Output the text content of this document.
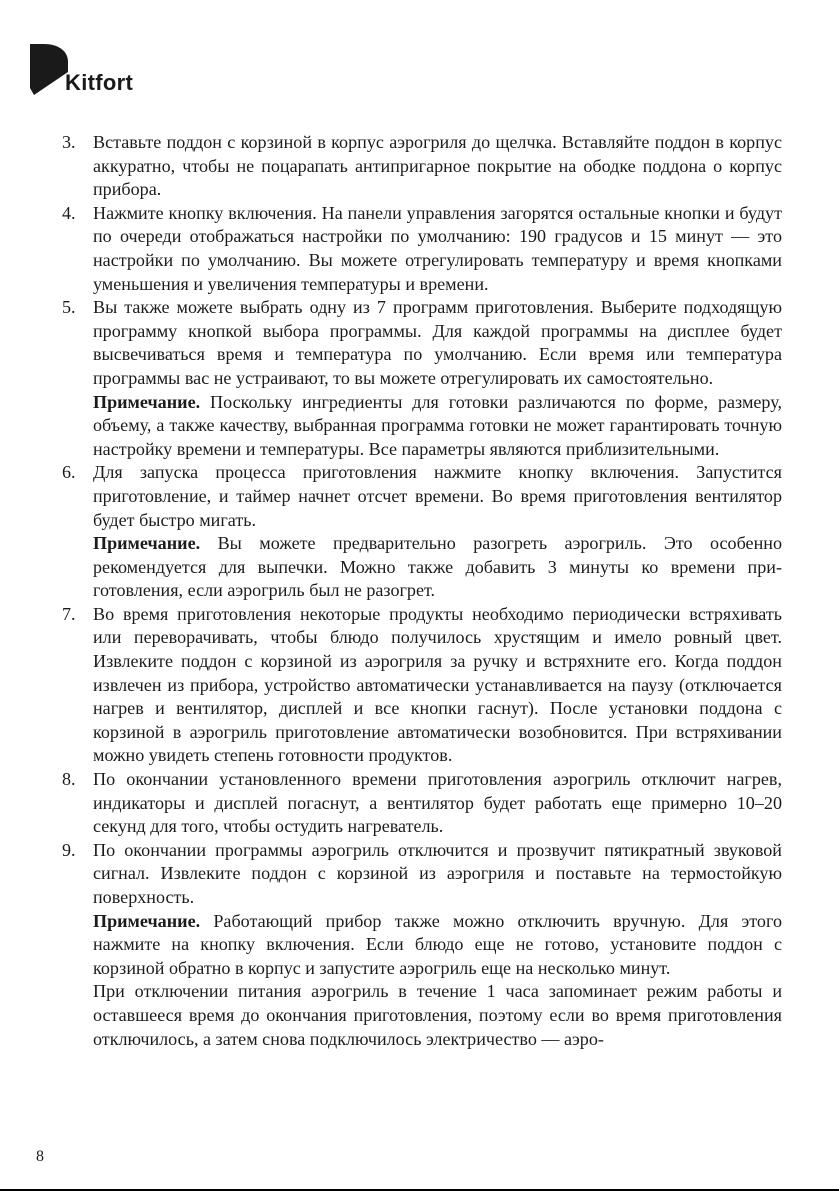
Kitfort
3. Вставьте поддон с корзиной в корпус аэрогриля до щелчка. Вставляйте поддон в корпус аккуратно, чтобы не поцарапать антипригарное покрытие на ободке поддона о корпус прибора.

4. Нажмите кнопку включения. На панели управления загорятся остальные кнопки и будут по очереди отображаться настройки по умолчанию: 190 градусов и 15 минут — это настройки по умолчанию. Вы можете отрегулировать температуру и время кнопками уменьшения и увеличения температуры и времени.

5. Вы также можете выбрать одну из 7 программ приготовления. Выберите подходящую программу кнопкой выбора программы. Для каждой программы на дисплее будет высвечиваться время и температура по умолчанию. Если время или температура программы вас не устраивают, то вы можете отрегулировать их самостоятельно.

Примечание. Поскольку ингредиенты для готовки различаются по форме, размеру, объему, а также качеству, выбранная программа готовки не может гарантировать точную настройку времени и температуры. Все параметры являются приблизительными.

6. Для запуска процесса приготовления нажмите кнопку включения. Запустится приготовление, и таймер начнет отсчет времени. Во время приготовления вентилятор будет быстро мигать.

Примечание. Вы можете предварительно разогреть аэрогриль. Это особенно рекомендуется для выпечки. Можно также добавить 3 минуты ко времени приготовления, если аэрогриль был не разогрет.

7. Во время приготовления некоторые продукты необходимо периодически встряхивать или переворачивать, чтобы блюдо получилось хрустящим и имело ровный цвет. Извлеките поддон с корзиной из аэрогриля за ручку и встряхните его. Когда поддон извлечен из прибора, устройство автоматически устанавливается на паузу (отключается нагрев и вентилятор, дисплей и все кнопки гаснут). После установки поддона с корзиной в аэрогриль приготовление автоматически возобновится. При встряхивании можно увидеть степень готовности продуктов.

8. По окончании установленного времени приготовления аэрогриль отключит нагрев, индикаторы и дисплей погаснут, а вентилятор будет работать еще примерно 10–20 секунд для того, чтобы остудить нагреватель.

9. По окончании программы аэрогриль отключится и прозвучит пятикратный звуковой сигнал. Извлеките поддон с корзиной из аэрогриля и поставьте на термостойкую поверхность.

Примечание. Работающий прибор также можно отключить вручную. Для этого нажмите на кнопку включения. Если блюдо еще не готово, установите поддон с корзиной обратно в корпус и запустите аэрогриль еще на несколько минут.

При отключении питания аэрогриль в течение 1 часа запоминает режим работы и оставшееся время до окончания приготовления, поэтому если во время приготовления отключилось, а затем снова подключилось электричество — аэро-

8
